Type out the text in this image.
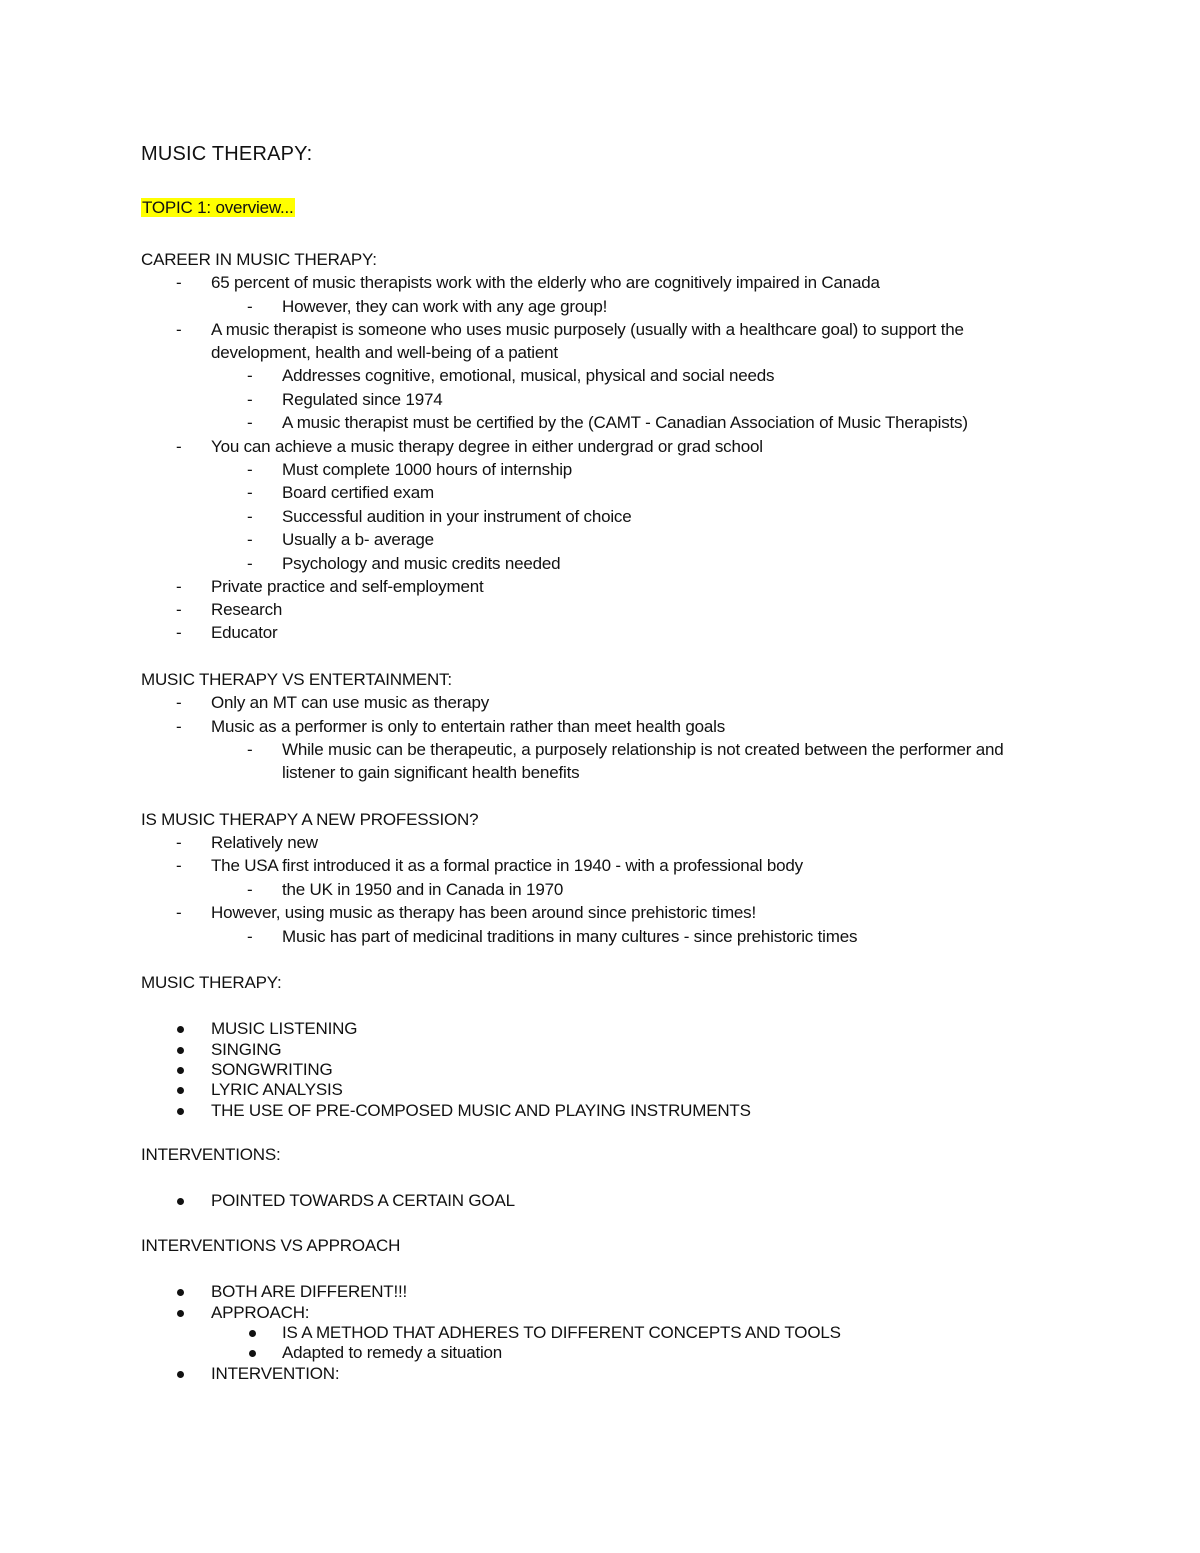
MUSIC THERAPY:
TOPIC 1: overview...
CAREER IN MUSIC THERAPY:
- 65 percent of music therapists work with the elderly who are cognitively impaired in Canada
- However, they can work with any age group!
- A music therapist is someone who uses music purposely (usually with a healthcare goal) to support the
development, health and well-being of a patient
- Addresses cognitive, emotional, musical, physical and social needs
- Regulated since 1974
- A music therapist must be certified by the (CAMT - Canadian Association of Music Therapists)
- You can achieve a music therapy degree in either undergrad or grad school
- Must complete 1000 hours of internship
- Board certified exam
- Successful audition in your instrument of choice
- Usually a b- average
- Psychology and music credits needed
- Private practice and self-employment
- Research
- Educator
MUSIC THERAPY VS ENTERTAINMENT:
- Only an MT can use music as therapy
- Music as a performer is only to entertain rather than meet health goals
- While music can be therapeutic, a purposely relationship is not created between the performer and
listener to gain significant health benefits
IS MUSIC THERAPY A NEW PROFESSION?
- Relatively new
- The USA first introduced it as a formal practice in 1940 - with a professional body
- the UK in 1950 and in Canada in 1970
- However, using music as therapy has been around since prehistoric times!
- Music has part of medicinal traditions in many cultures - since prehistoric times
MUSIC THERAPY:
MUSIC LISTENING
SINGING
SONGWRITING
LYRIC ANALYSIS
THE USE OF PRE-COMPOSED MUSIC AND PLAYING INSTRUMENTS
INTERVENTIONS:
POINTED TOWARDS A CERTAIN GOAL
INTERVENTIONS VS APPROACH
BOTH ARE DIFFERENT!!!
APPROACH:
IS A METHOD THAT ADHERES TO DIFFERENT CONCEPTS AND TOOLS
Adapted to remedy a situation
INTERVENTION:
